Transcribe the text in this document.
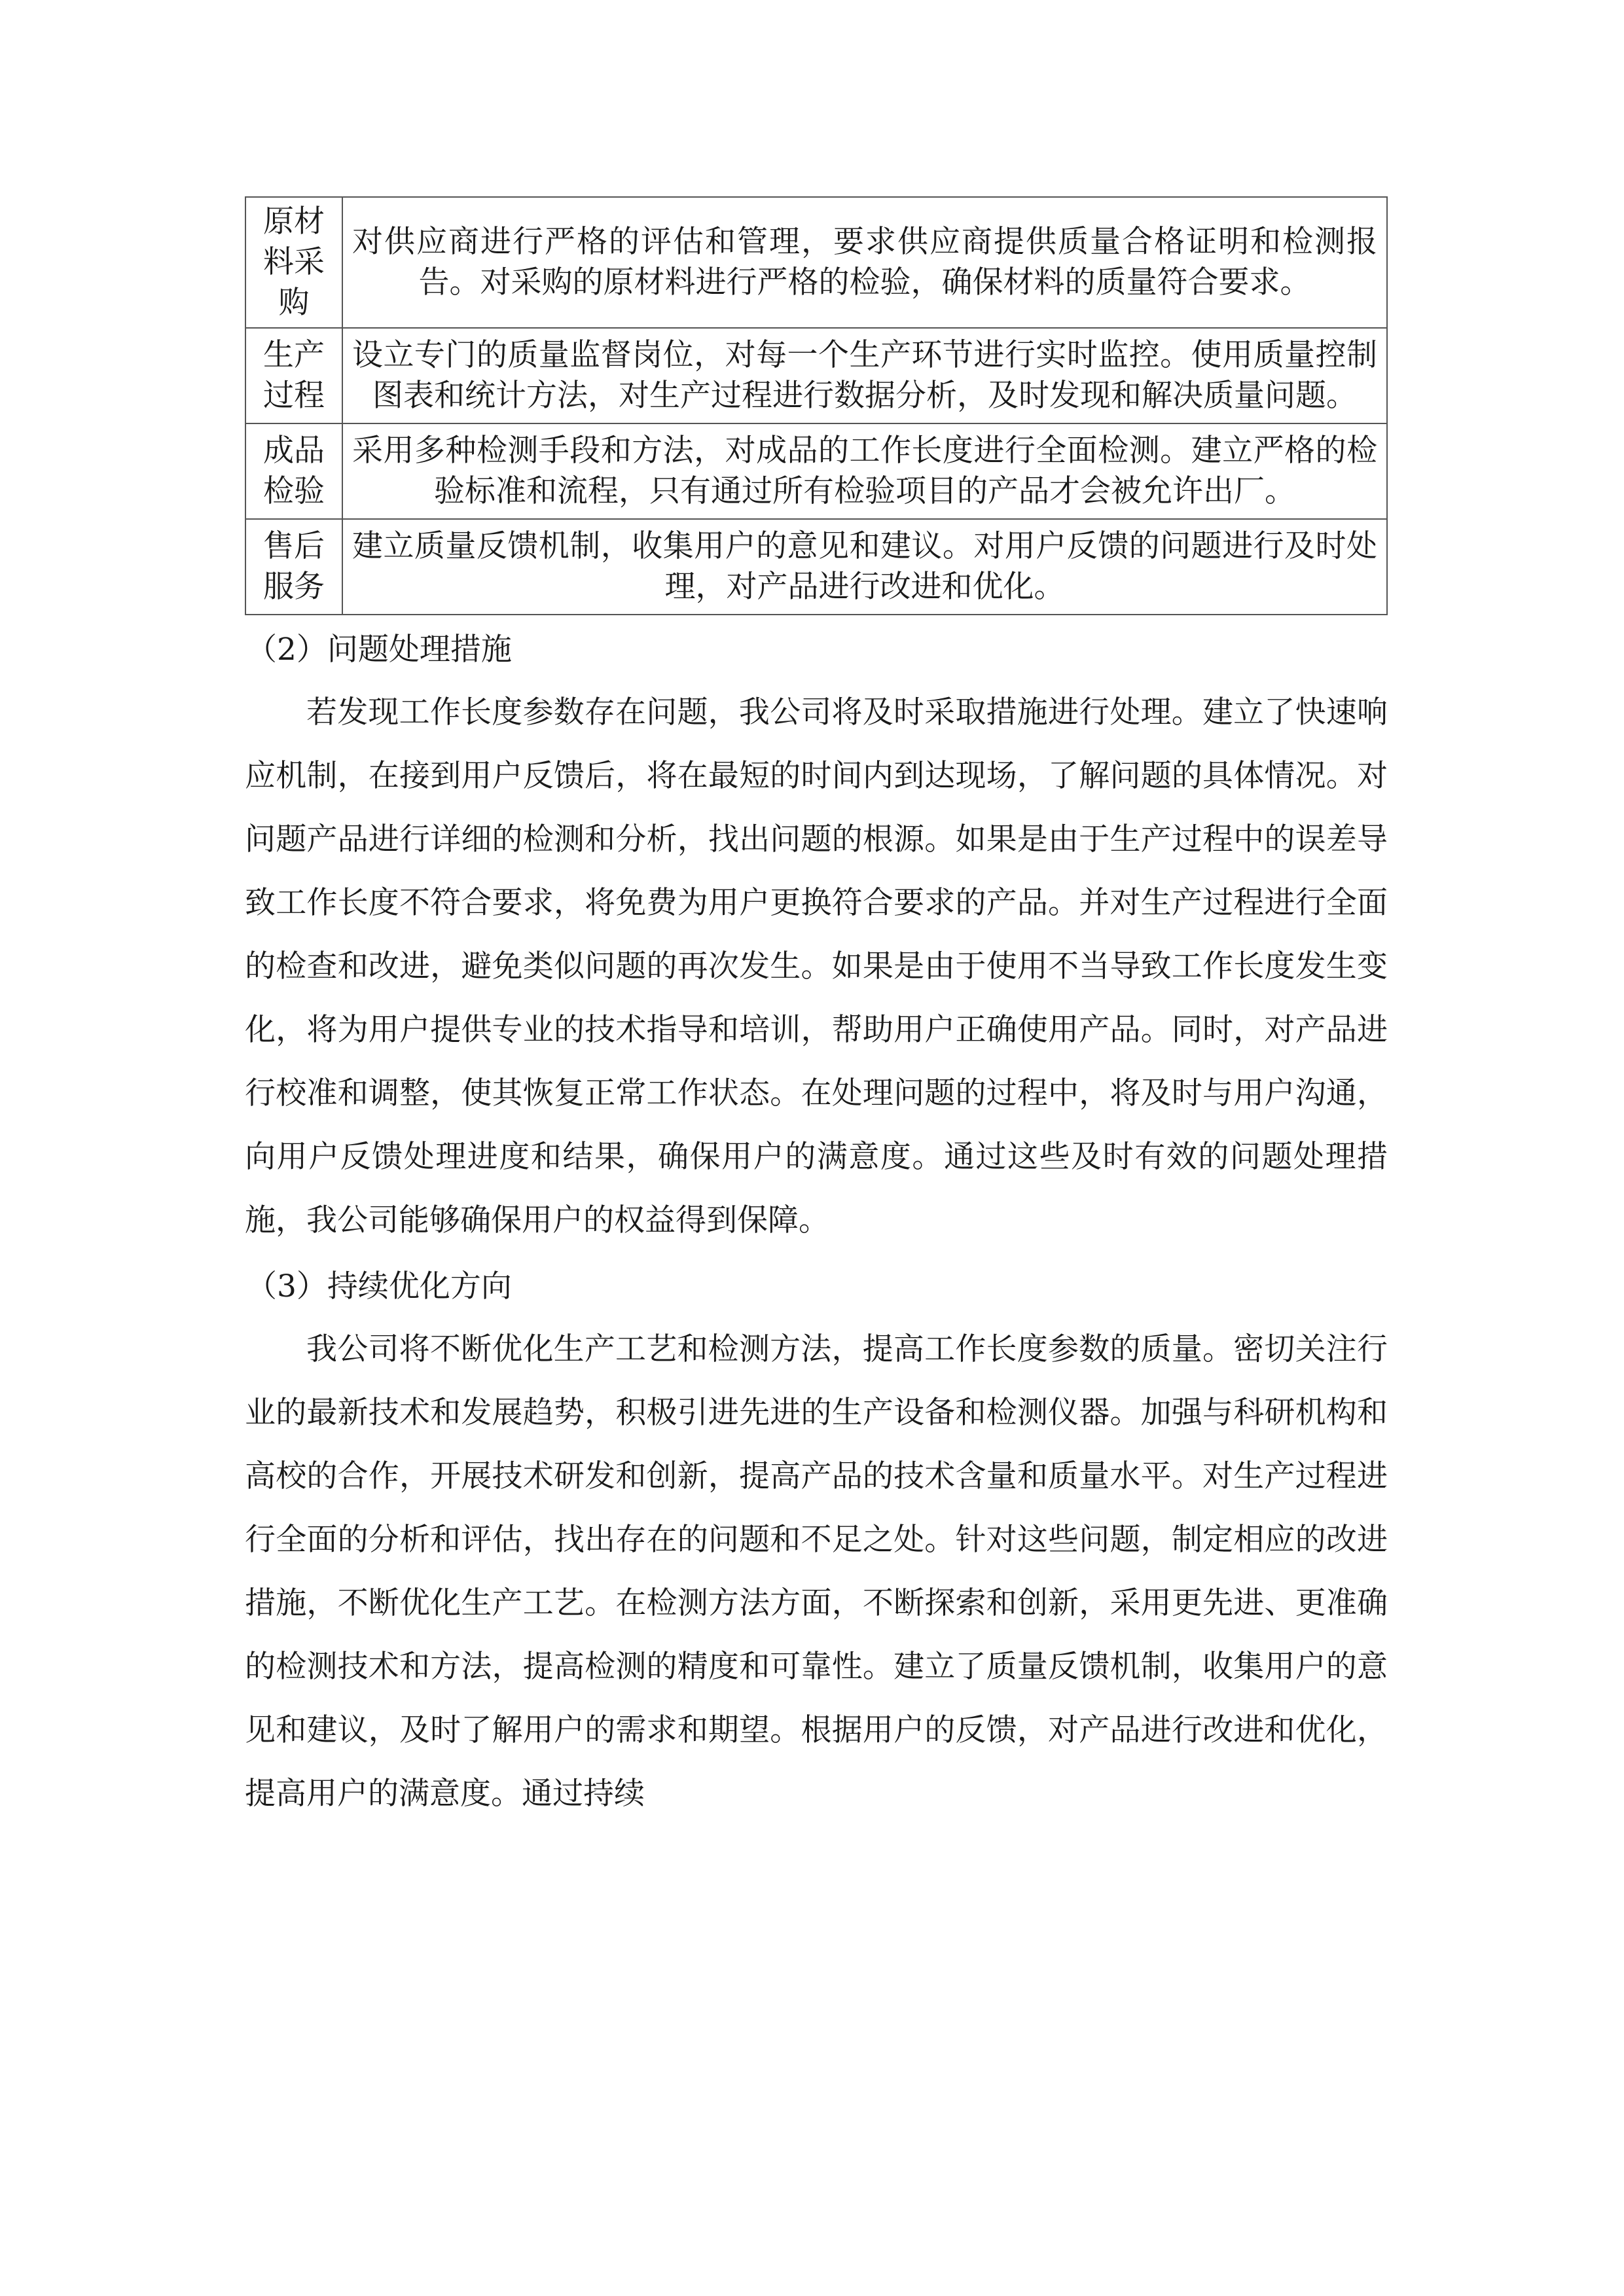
原材料采购	对供应商进行严格的评估和管理，要求供应商提供质量合格证明和检测报告。对采购的原材料进行严格的检验，确保材料的质量符合要求。
生产过程	设立专门的质量监督岗位，对每一个生产环节进行实时监控。使用质量控制图表和统计方法，对生产过程进行数据分析，及时发现和解决质量问题。
成品检验	采用多种检测手段和方法，对成品的工作长度进行全面检测。建立严格的检验标准和流程，只有通过所有检验项目的产品才会被允许出厂。
售后服务	建立质量反馈机制，收集用户的意见和建议。对用户反馈的问题进行及时处理，对产品进行改进和优化。
（2）问题处理措施

若发现工作长度参数存在问题，我公司将及时采取措施进行处理。建立了快速响应机制，在接到用户反馈后，将在最短的时间内到达现场，了解问题的具体情况。对问题产品进行详细的检测和分析，找出问题的根源。如果是由于生产过程中的误差导致工作长度不符合要求，将免费为用户更换符合要求的产品。并对生产过程进行全面的检查和改进，避免类似问题的再次发生。如果是由于使用不当导致工作长度发生变化，将为用户提供专业的技术指导和培训，帮助用户正确使用产品。同时，对产品进行校准和调整，使其恢复正常工作状态。在处理问题的过程中，将及时与用户沟通，向用户反馈处理进度和结果，确保用户的满意度。通过这些及时有效的问题处理措施，我公司能够确保用户的权益得到保障。

（3）持续优化方向

我公司将不断优化生产工艺和检测方法，提高工作长度参数的质量。密切关注行业的最新技术和发展趋势，积极引进先进的生产设备和检测仪器。加强与科研机构和高校的合作，开展技术研发和创新，提高产品的技术含量和质量水平。对生产过程进行全面的分析和评估，找出存在的问题和不足之处。针对这些问题，制定相应的改进措施，不断优化生产工艺。在检测方法方面，不断探索和创新，采用更先进、更准确的检测技术和方法，提高检测的精度和可靠性。建立了质量反馈机制，收集用户的意见和建议，及时了解用户的需求和期望。根据用户的反馈，对产品进行改进和优化，提高用户的满意度。通过持续
